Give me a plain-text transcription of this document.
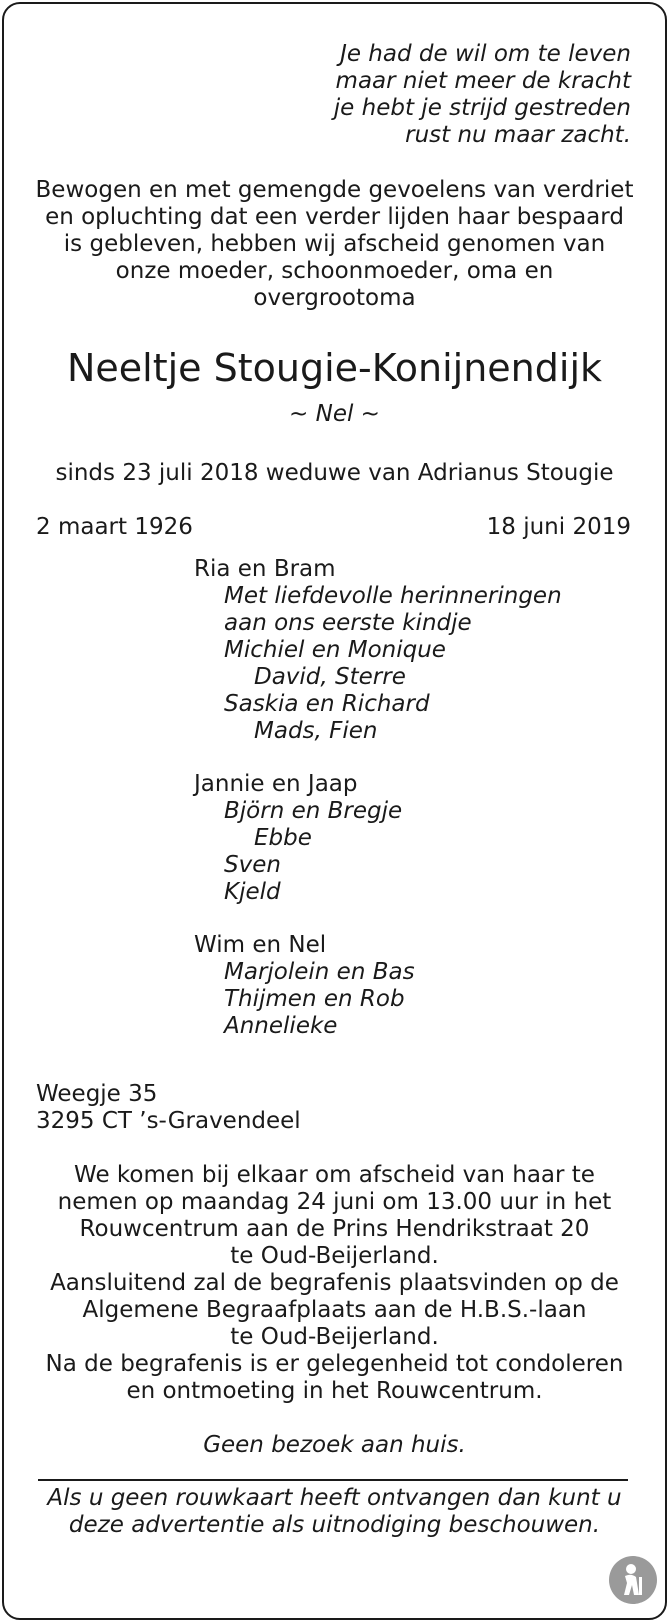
Je had de wil om te leven
maar niet meer de kracht
je hebt je strijd gestreden
rust nu maar zacht.
Bewogen en met gemengde gevoelens van verdriet
en opluchting dat een verder lijden haar bespaard
is gebleven, hebben wij afscheid genomen van
onze moeder, schoonmoeder, oma en
overgrootoma
Neeltje Stougie-Konijnendijk
~ Nel ~
sinds 23 juli 2018 weduwe van Adrianus Stougie
2 maart 1926	18 juni 2019
Ria en Bram
Met liefdevolle herinneringen
aan ons eerste kindje
Michiel en Monique
David, Sterre
Saskia en Richard
Mads, Fien
Jannie en Jaap
Björn en Bregje
Ebbe
Sven
Kjeld
Wim en Nel
Marjolein en Bas
Thijmen en Rob
Annelieke
Weegje 35
3295 CT ’s-Gravendeel
We komen bij elkaar om afscheid van haar te
nemen op maandag 24 juni om 13.00 uur in het
Rouwcentrum aan de Prins Hendrikstraat 20
te Oud-Beijerland.
Aansluitend zal de begrafenis plaatsvinden op de
Algemene Begraafplaats aan de H.B.S.-laan
te Oud-Beijerland.
Na de begrafenis is er gelegenheid tot condoleren
en ontmoeting in het Rouwcentrum.
Geen bezoek aan huis.
Als u geen rouwkaart heeft ontvangen dan kunt u
deze advertentie als uitnodiging beschouwen.
